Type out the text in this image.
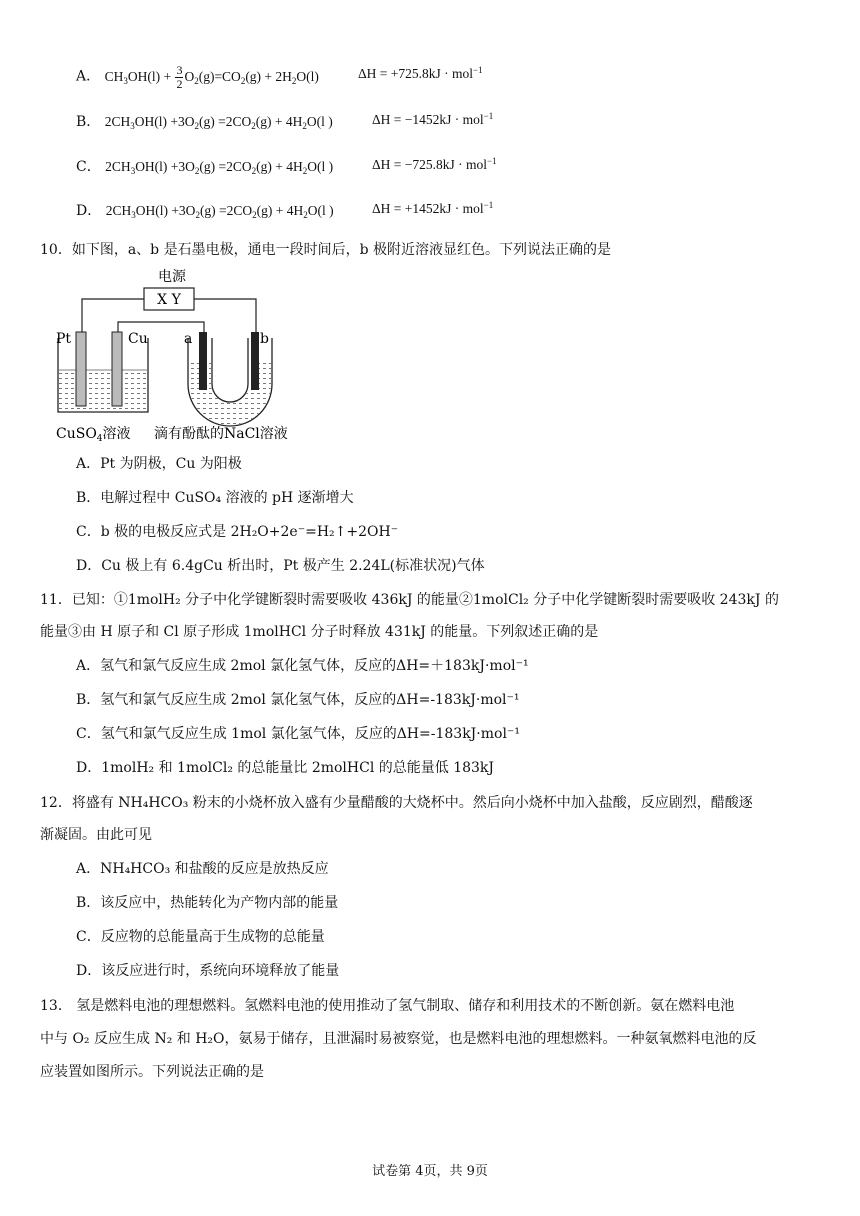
A． $CH_3OH(l) + \frac{3}{2} O_2(g)=CO_2(g) + 2H_2O(l)$	ΔH = +725.8kJ · mol$^{-1}$
B． $2CH_3OH(l) +3O_2(g) =2CO_2(g) + 4H_2O(l$ )	ΔH = −1452kJ · mol$^{-1}$
C． $2CH_3OH(l) +3O_2(g) =2CO_2(g) + 4H_2O(l$ )	ΔH = −725.8kJ · mol$^{-1}$
D． $2CH_3OH(l) +3O_2(g) =2CO_2(g) + 4H_2O(l$ )	ΔH = +1452kJ · mol$^{-1}$
10．如下图，a、b 是石墨电极，通电一段时间后，b 极附近溶液显红色。下列说法正确的是
电源
X Y
Pt	Cu	a	b
CuSO$_4$溶液 滴有酚酞的NaCl溶液
A．Pt 为阴极，Cu 为阳极
B．电解过程中 CuSO₄ 溶液的 pH 逐渐增大
C．b 极的电极反应式是 2H₂O+2e⁻=H₂↑+2OH⁻
D．Cu 极上有 6.4gCu 析出时，Pt 极产生 2.24L(标准状况)气体
11．已知：①1molH₂ 分子中化学键断裂时需要吸收 436kJ 的能量②1molCl₂ 分子中化学键断裂时需要吸收 243kJ 的
能量③由 H 原子和 Cl 原子形成 1molHCl 分子时释放 431kJ 的能量。下列叙述正确的是
A．氢气和氯气反应生成 2mol 氯化氢气体，反应的ΔH=＋183kJ·mol⁻¹
B．氢气和氯气反应生成 2mol 氯化氢气体，反应的ΔH=-183kJ·mol⁻¹
C．氢气和氯气反应生成 1mol 氯化氢气体，反应的ΔH=-183kJ·mol⁻¹
D．1molH₂ 和 1molCl₂ 的总能量比 2molHCl 的总能量低 183kJ
12．将盛有 NH₄HCO₃ 粉末的小烧杯放入盛有少量醋酸的大烧杯中。然后向小烧杯中加入盐酸，反应剧烈，醋酸逐
渐凝固。由此可见
A．NH₄HCO₃ 和盐酸的反应是放热反应
B．该反应中，热能转化为产物内部的能量
C．反应物的总能量高于生成物的总能量
D．该反应进行时，系统向环境释放了能量
13． 氢是燃料电池的理想燃料。氢燃料电池的使用推动了氢气制取、储存和利用技术的不断创新。氨在燃料电池
中与 O₂ 反应生成 N₂ 和 H₂O，氨易于储存，且泄漏时易被察觉，也是燃料电池的理想燃料。一种氨氧燃料电池的反
应装置如图所示。下列说法正确的是
试卷第 4页，共 9页
